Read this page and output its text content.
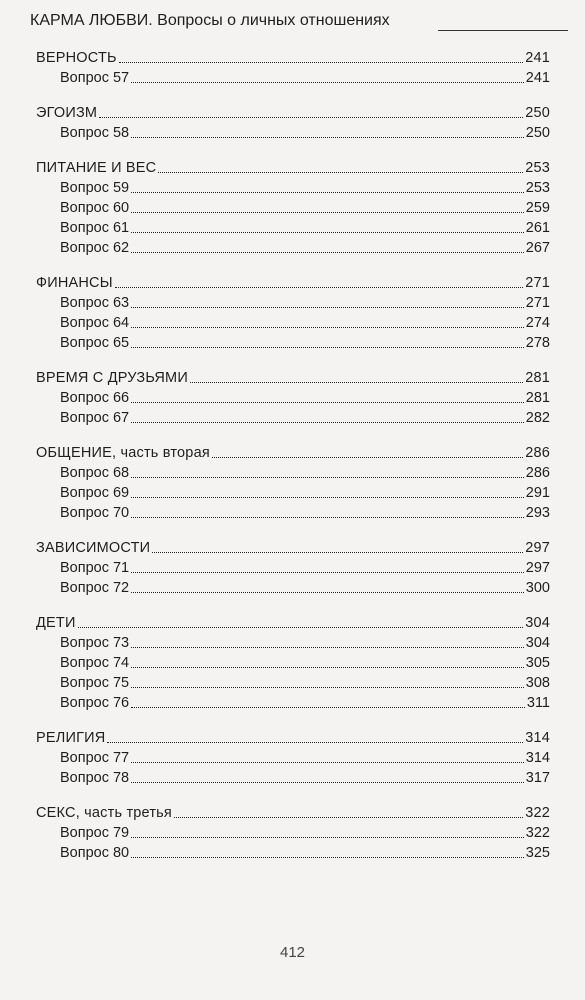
КАРМА ЛЮБВИ. Вопросы о личных отношениях
ВЕРНОСТЬ	241
Вопрос 57	241
ЭГОИЗМ	250
Вопрос 58	250
ПИТАНИЕ И ВЕС	253
Вопрос 59	253
Вопрос 60	259
Вопрос 61	261
Вопрос 62	267
ФИНАНСЫ	271
Вопрос 63	271
Вопрос 64	274
Вопрос 65	278
ВРЕМЯ С ДРУЗЬЯМИ	281
Вопрос 66	281
Вопрос 67	282
ОБЩЕНИЕ, часть вторая	286
Вопрос 68	286
Вопрос 69	291
Вопрос 70	293
ЗАВИСИМОСТИ	297
Вопрос 71	297
Вопрос 72	300
ДЕТИ	304
Вопрос 73	304
Вопрос 74	305
Вопрос 75	308
Вопрос 76	311
РЕЛИГИЯ	314
Вопрос 77	314
Вопрос 78	317
СЕКС, часть третья	322
Вопрос 79	322
Вопрос 80	325
412
